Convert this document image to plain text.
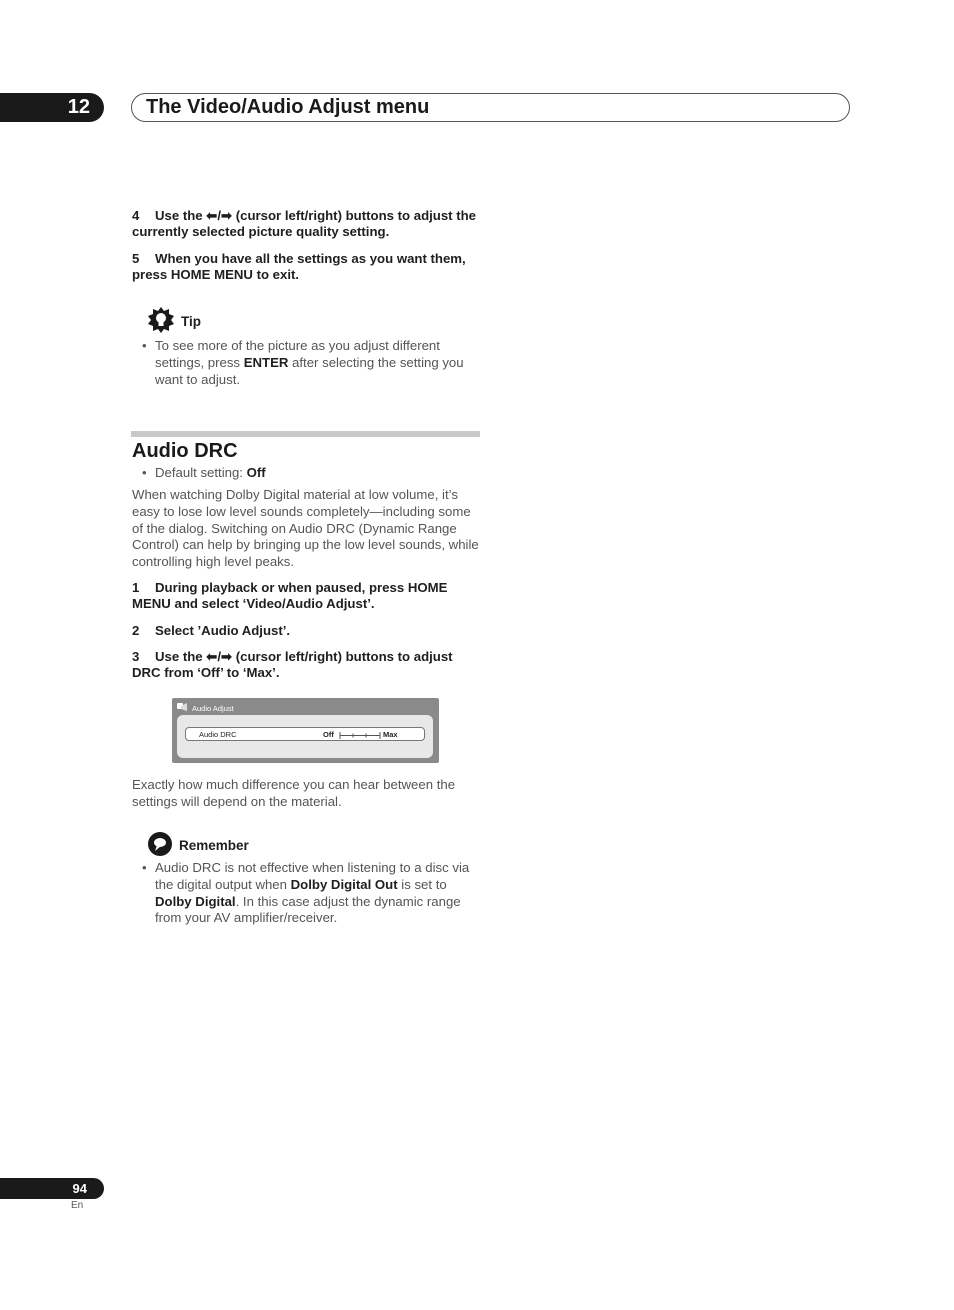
12	The Video/Audio Adjust menu
4 Use the ⬅/➡ (cursor left/right) buttons to adjust the currently selected picture quality setting.
5 When you have all the settings as you want them, press HOME MENU to exit.
Tip
• To see more of the picture as you adjust different settings, press ENTER after selecting the setting you want to adjust.
Audio DRC
• Default setting: Off
When watching Dolby Digital material at low volume, it’s easy to lose low level sounds completely—including some of the dialog. Switching on Audio DRC (Dynamic Range Control) can help by bringing up the low level sounds, while controlling high level peaks.
1 During playback or when paused, press HOME MENU and select ‘Video/Audio Adjust’.
2 Select ’Audio Adjust’.
3 Use the ⬅/➡ (cursor left/right) buttons to adjust DRC from ‘Off’ to ‘Max’.
Audio Adjust
Audio DRC	Off	Max
Exactly how much difference you can hear between the settings will depend on the material.
Remember
• Audio DRC is not effective when listening to a disc via the digital output when Dolby Digital Out is set to Dolby Digital. In this case adjust the dynamic range from your AV amplifier/receiver.
94
En
